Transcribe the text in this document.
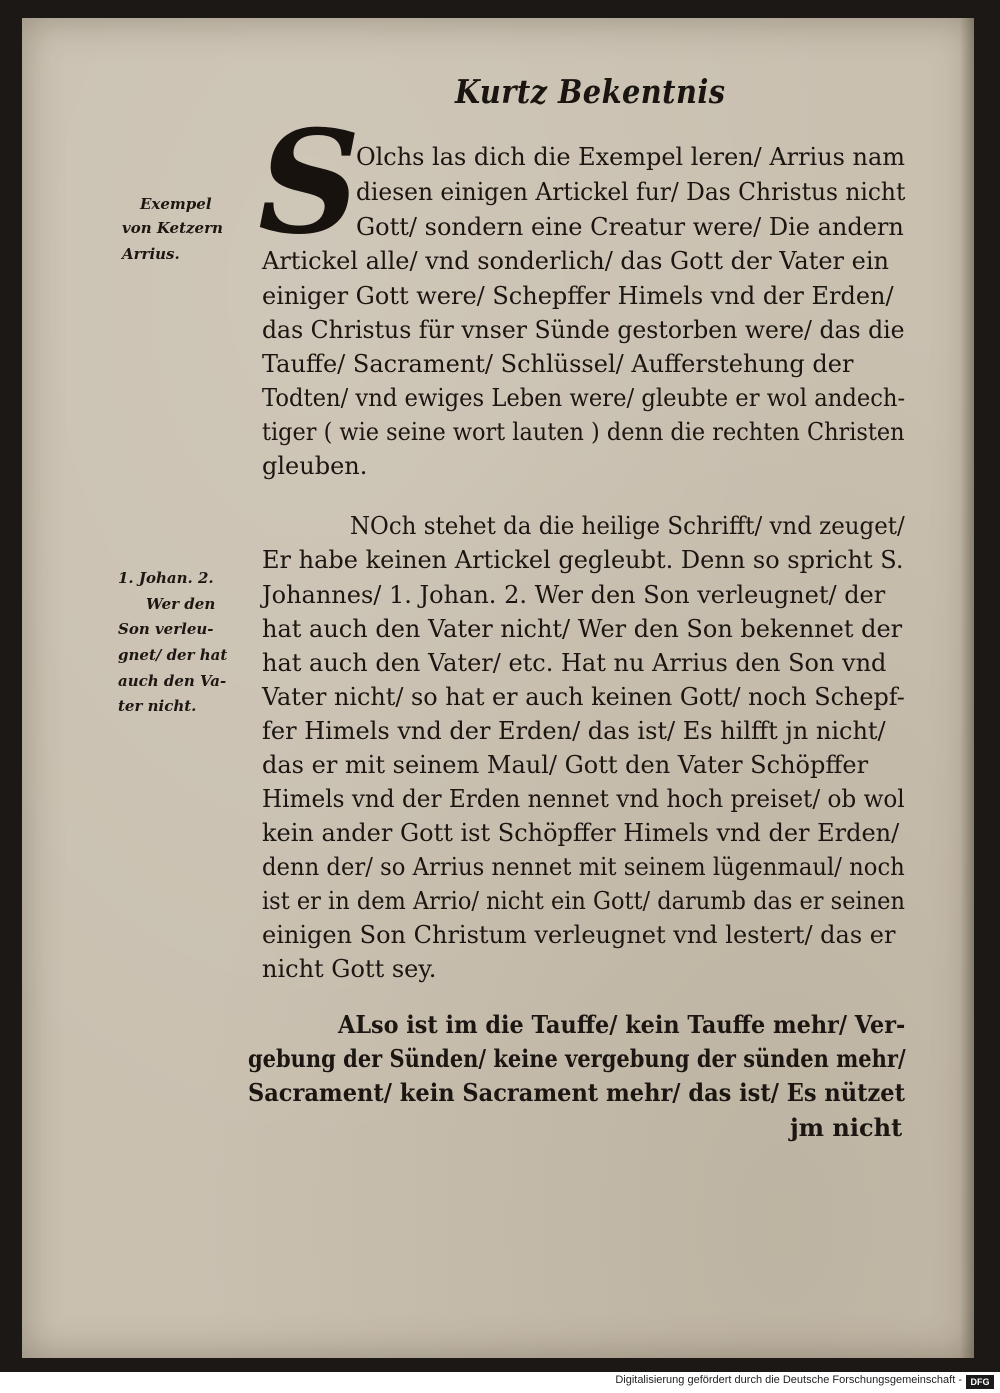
Kurtz Bekentnis
S
Exempel
von Ketzern
Arrius.
1. Johan. 2.
Wer den
Son verleu-
gnet/ der hat
auch den Va-
ter nicht.
Olchs las dich die Exempel leren/ Arrius nam
diesen einigen Artickel fur/ Das Christus nicht
Gott/ sondern eine Creatur were/ Die andern
Artickel alle/ vnd sonderlich/ das Gott der Vater ein
einiger Gott were/ Schepffer Himels vnd der Erden/
das Christus für vnser Sünde gestorben were/ das die
Tauffe/ Sacrament/ Schlüssel/ Aufferstehung der
Todten/ vnd ewiges Leben were/ gleubte er wol andech-
tiger ( wie seine wort lauten ) denn die rechten Christen
gleuben.
NOch stehet da die heilige Schrifft/ vnd zeuget/
Er habe keinen Artickel gegleubt. Denn so spricht S.
Johannes/ 1. Johan. 2. Wer den Son verleugnet/ der
hat auch den Vater nicht/ Wer den Son bekennet der
hat auch den Vater/ etc. Hat nu Arrius den Son vnd
Vater nicht/ so hat er auch keinen Gott/ noch Schepf-
fer Himels vnd der Erden/ das ist/ Es hilfft jn nicht/
das er mit seinem Maul/ Gott den Vater Schöpffer
Himels vnd der Erden nennet vnd hoch preiset/ ob wol
kein ander Gott ist Schöpffer Himels vnd der Erden/
denn der/ so Arrius nennet mit seinem lügenmaul/ noch
ist er in dem Arrio/ nicht ein Gott/ darumb das er seinen
einigen Son Christum verleugnet vnd lestert/ das er
nicht Gott sey.
ALso ist im die Tauffe/ kein Tauffe mehr/ Ver-
gebung der Sünden/ keine vergebung der sünden mehr/
Sacrament/ kein Sacrament mehr/ das ist/ Es nützet
jm nicht
Digitalisierung gefördert durch die Deutsche Forschungsgemeinschaft - DFG
